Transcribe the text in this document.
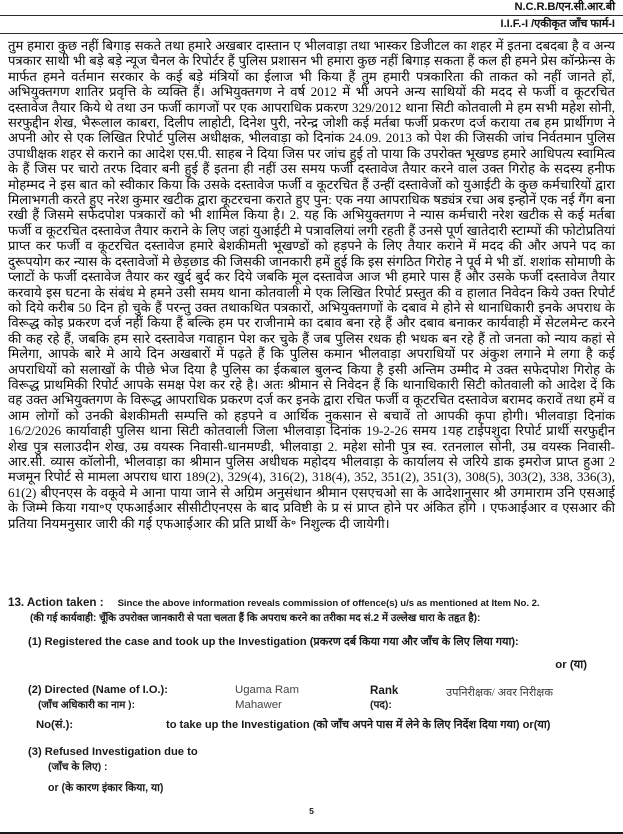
N.C.R.B/एन.सी.आर.बी
I.I.F.-I /एकीकृत जाँच फार्म-I

तुम हमारा कुछ नहीं बिगाड़ सकते तथा हमारे अखबार दास्तान ए भीलवाड़ा तथा भास्कर डिजीटल का शहर में इतना दबदबा है व अन्य पत्रकार साथी भी बड़े बड़े न्यूज चैनल के रिपोर्टर हैं पुलिस प्रशासन भी हमारा कुछ नहीं बिगाड़ सकता हैं कल ही हमने प्रेस कॉन्फ्रेन्स के मार्फत हमने वर्तमान सरकार के कई बड़े मंत्रियों का ईलाज भी किया हैं तुम हमारी पत्रकारिता की ताकत को नहीं जानते हों, अभियुक्तगण शातिर प्रवृत्ति के व्यक्ति हैं। अभियुक्तगण ने वर्ष 2012 में भी अपने अन्य साथियों की मदद से फर्जी व कूटरचित दस्तावेज तैयार किये थे तथा उन फर्जी कागजों पर एक आपराधिक प्रकरण 329/2012 थाना सिटी कोतवाली मे हम सभी महेश सोनी, सरफुद्दीन शेख, भैरूलाल काबरा, दिलीप लाहोटी, दिनेश पुरी, नरेन्द्र जोशी कई मर्तबा फर्जी प्रकरण दर्ज कराया तब हम प्रार्थीगण ने अपनी ओर से एक लिखित रिपोर्ट पुलिस अधीक्षक, भीलवाड़ा को दिनांक 24.09. 2013 को पेश की जिसकी जांच निर्वतमान पुलिस उपाधीक्षक शहर से कराने का आदेश एस.पी. साहब ने दिया जिस पर जांच हुई तो पाया कि उपरोक्त भूखण्ड हमारे आधिपत्य स्वामित्व के हैं जिस पर चारो तरफ दिवार बनी हुई हैं इतना ही नहीं उस समय फर्जी दस्तावेज तैयार करने वाल उक्त गिरोह के सदस्य हनीफ मोहम्मद ने इस बात को स्वीकार किया कि उसके दस्तावेज फर्जी व कूटरचित हैं उन्हीं दस्तावेजों को युआईटी के कुछ कर्मचारियों द्वारा मिलाभगती करते हुए नरेश कुमार खटीक द्वारा कूटरचना कराते हुए पुन: एक नया आपराधिक षड्यंत्र रचा अब इन्होनें एक नई गैंग बना रखी हैं जिसमे सफेदपोश पत्रकारों को भी शामिल किया है। 2. यह कि अभियुक्तगण ने न्यास कर्मचारी नरेश खटीक से कई मर्तबा फर्जी व कूटरचित दस्तावेज तैयार कराने के लिए जहां युआईटी मे पत्रावलियां लगी रहती हैं उनसे पूर्ण खातेदारी स्टाम्पों की फोटोप्रतियां प्राप्त कर फर्जी व कूटरचित दस्तावेज हमारे बेशकीमती भूखण्डों को हड़पने के लिए तैयार कराने में मदद की और अपने पद का दुरूपयोग कर न्यास के दस्तावेजों मे छेड़छाड की जिसकी जानकारी हमें हुई कि इस संगठित गिरोह ने पूर्व मे भी डॉ. शशांक सोमाणी के प्लाटों के फर्जी दस्तावेज तैयार कर खुर्द बुर्द कर दिये जबकि मूल दस्तावेज आज भी हमारे पास हैं और उसके फर्जी दस्तावेज तैयार करवाये इस घटना के संबंध मे हमने उसी समय थाना कोतवाली मे एक लिखित रिपोर्ट प्रस्तुत की व हालात निवेदन किये उक्त रिपोर्ट को दिये करीब 50 दिन हो चुके हैं परन्तु उक्त तथाकथित पत्रकारों, अभियुक्तगणों के दबाव मे होने से थानाधिकारी इनके अपराध के विरूद्ध कोइ प्रकरण दर्ज नहीं किया हैं बल्कि हम पर राजीनामे का दबाव बना रहे हैं और दबाव बनाकर कार्यवाही में सेटलमेन्ट करने की कह रहे हैं, जबकि हम सारे दस्तावेज गवाहान पेश कर चुके हैं जब पुलिस रधक ही भधक बन रहे हैं तो जनता को न्याय कहां से मिलेगा, आपके बारे मे आये दिन अखबारों में पढ़ते हैं कि पुलिस कमान भीलवाड़ा अपराधियों पर अंकुश लगाने मे लगा है कई अपराधियों को सलाखों के पीछे भेज दिया है पुलिस का ईकबाल बुलन्द किया है इसी अन्तिम उम्मीद मे उक्त सफेदपोश गिरोह के विरूद्ध प्राथमिकी रिपोर्ट आपके समक्ष पेश कर रहे है। अतः श्रीमान से निवेदन हैं कि थानाधिकारी सिटी कोतवाली को आदेश दें कि वह उक्त अभियुक्तगण के विरूद्ध आपराधिक प्रकरण दर्ज कर इनके द्वारा रचित फर्जी व कूटरचित दस्तावेज बरामद करावें तथा हमें व आम लोगों को उनकी बेशकीमती सम्पत्ति को हड़पने व आर्थिक नुकसान से बचावें तो आपकी कृपा होगी। भीलवाड़ा दिनांक 16/2/2026 कार्यावाही पुलिस थाना सिटी कोतवाली जिला भीलवाड़ा दिनांक 19-2-26 समय 1यह टाईपशुदा रिपोर्ट प्रार्थी सरफुद्दीन शेख पुत्र सलाउदीन शेख, उम्र वयस्क निवासी-धानमण्डी, भीलवाड़ा 2. महेश सोनी पुत्र स्व. रतनलाल सोनी, उम्र वयस्क निवासी-आर.सी. व्यास कॉलोनी, भीलवाड़ा का श्रीमान पुलिस अधीधक महोदय भीलवाड़ा के कार्यालय से जरिये डाक इमरोज प्राप्त हुआ 2 मजमून रिपोर्ट से मामला अपराध धारा 189(2), 329(4), 316(2), 318(4), 352, 351(2), 351(3), 308(5), 303(2), 338, 336(3), 61(2) बीएनएस के वकूवे मे आना पाया जाने से अग्रिम अनुसंधान श्रीमान एसएचओ सा के आदेशानुसार श्री उगमाराम उनि एसआई के जिम्मे किया गया॰ए एफआईआर सीसीटीएनएस के बाद प्रविष्टी के प्र सं प्राप्त होने पर अंकित होंगे । एफआईआर व एसआर की प्रतिया नियमनुसार जारी की गई एफआईआर की प्रति प्रार्थी के॰ निशुल्क दी जायेगी।

13. Action taken : Since the above information reveals commission of offence(s) u/s as mentioned at Item No. 2.
(की गई कार्यवाही: चूँकि उपरोक्त जानकारी से पता चलता हैं कि अपराध करने का तरीका मद सं.2 में उल्लेख धारा के तहृत है):
(1) Registered the case and took up the Investigation (प्रकरण दर्ब किया गया और जाँच के लिए लिया गया):
or (या)
(2) Directed (Name of I.O.):
(जाँच अधिकारी का नाम ):
Ugama Ram Mahawer
Rank
(पद):
उपनिरीक्षक/ अवर निरीक्षक
No(सं.):	to take up the Investigation (को जाँच अपने पास में लेने के लिए निर्देश दिया गया) or(या)
(3) Refused Investigation due to
(जाँच के लिए) :
or (के कारण इंकार किया, या)
5
